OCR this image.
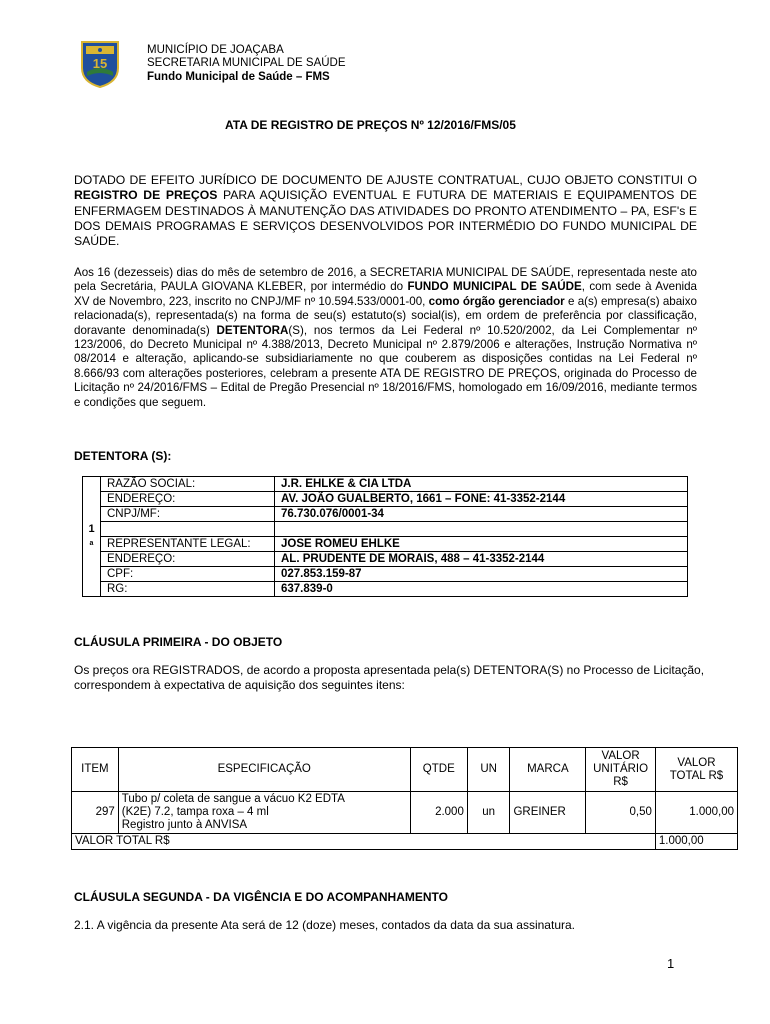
15
MUNICÍPIO DE JOAÇABA
SECRETARIA MUNICIPAL DE SAÚDE
Fundo Municipal de Saúde – FMS
ATA DE REGISTRO DE PREÇOS Nº 12/2016/FMS/05

DOTADO DE EFEITO JURÍDICO DE DOCUMENTO DE AJUSTE CONTRATUAL, CUJO OBJETO CONSTITUI O REGISTRO DE PREÇOS PARA AQUISIÇÃO EVENTUAL E FUTURA DE MATERIAIS E EQUIPAMENTOS DE ENFERMAGEM DESTINADOS À MANUTENÇÃO DAS ATIVIDADES DO PRONTO ATENDIMENTO – PA, ESF's E DOS DEMAIS PROGRAMAS E SERVIÇOS DESENVOLVIDOS POR INTERMÉDIO DO FUNDO MUNICIPAL DE SAÚDE.

Aos 16 (dezesseis) dias do mês de setembro de 2016, a SECRETARIA MUNICIPAL DE SAÚDE, representada neste ato pela Secretária, PAULA GIOVANA KLEBER, por intermédio do FUNDO MUNICIPAL DE SAÚDE, com sede à Avenida XV de Novembro, 223, inscrito no CNPJ/MF nº 10.594.533/0001-00, como órgão gerenciador e a(s) empresa(s) abaixo relacionada(s), representada(s) na forma de seu(s) estatuto(s) social(is), em ordem de preferência por classificação, doravante denominada(s) DETENTORA(S), nos termos da Lei Federal nº 10.520/2002, da Lei Complementar nº 123/2006, do Decreto Municipal nº 4.388/2013, Decreto Municipal nº 2.879/2006 e alterações, Instrução Normativa nº 08/2014 e alteração, aplicando-se subsidiariamente no que couberem as disposições contidas na Lei Federal nº 8.666/93 com alterações posteriores, celebram a presente ATA DE REGISTRO DE PREÇOS, originada do Processo de Licitação nº 24/2016/FMS – Edital de Pregão Presencial nº 18/2016/FMS, homologado em 16/09/2016, mediante termos e condições que seguem.

DETENTORA (S):
1
a	RAZÃO SOCIAL:	J.R. EHLKE & CIA LTDA
	ENDEREÇO:	AV. JOÃO GUALBERTO, 1661 – FONE: 41-3352-2144
	CNPJ/MF:	76.730.076/0001-34

	REPRESENTANTE LEGAL:	JOSE ROMEU EHLKE
	ENDEREÇO:	AL. PRUDENTE DE MORAIS, 488 – 41-3352-2144
	CPF:	027.853.159-87
	RG:	637.839-0
CLÁUSULA PRIMEIRA - DO OBJETO
Os preços ora REGISTRADOS, de acordo a proposta apresentada pela(s) DETENTORA(S) no Processo de Licitação, correspondem à expectativa de aquisição dos seguintes itens:
ITEM	ESPECIFICAÇÃO	QTDE	UN	MARCA	VALOR UNITÁRIO R$	VALOR TOTAL R$
297	Tubo p/ coleta de sangue a vácuo K2 EDTA
(K2E) 7.2, tampa roxa – 4 ml
Registro junto à ANVISA	2.000	un	GREINER	0,50	1.000,00
VALOR TOTAL R$						1.000,00
CLÁUSULA SEGUNDA - DA VIGÊNCIA E DO ACOMPANHAMENTO
2.1. A vigência da presente Ata será de 12 (doze) meses, contados da data da sua assinatura.
1
